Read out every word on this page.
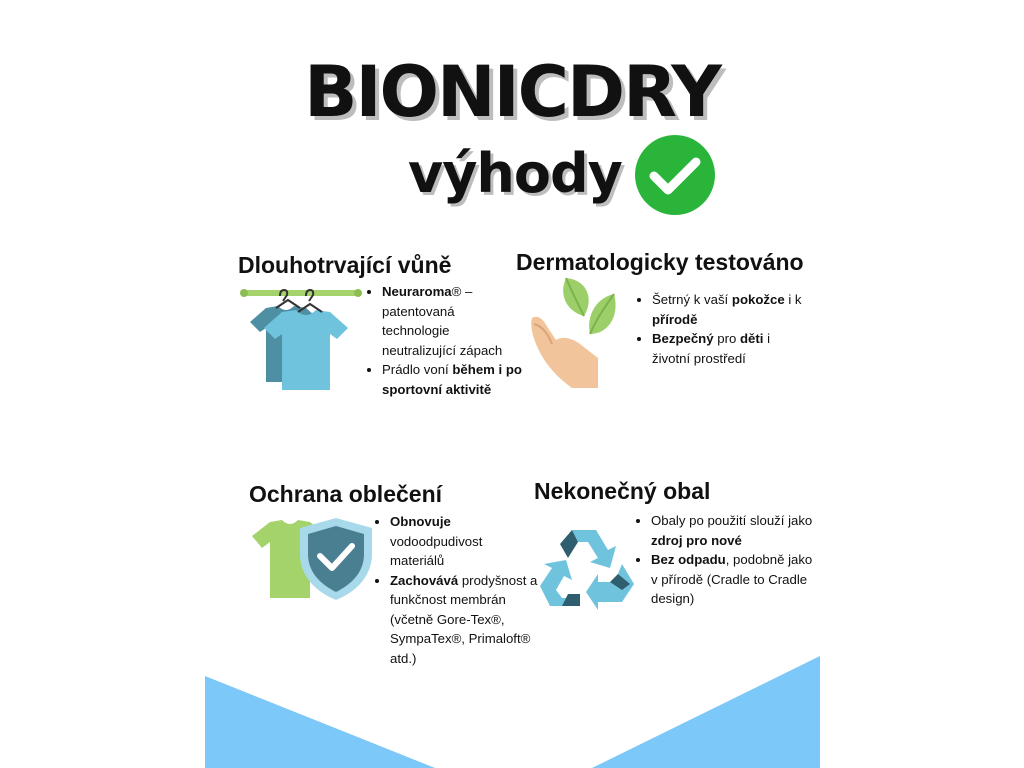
BIONICDRY
výhody
Dlouhotrvající vůně
• Neuraroma® – patentovaná technologie neutralizující zápach
• Prádlo voní během i po sportovní aktivitě
Dermatologicky testováno
• Šetrný k vaší pokožce i k přírodě
• Bezpečný pro děti i životní prostředí
Ochrana oblečení
• Obnovuje vodoodpudivost materiálů
• Zachovává prodyšnost a funkčnost membrán (včetně Gore-Tex®, SympaTex®, Primaloft® atd.)
Nekonečný obal
• Obaly po použití slouží jako zdroj pro nové
• Bez odpadu, podobně jako v přírodě (Cradle to Cradle design)
